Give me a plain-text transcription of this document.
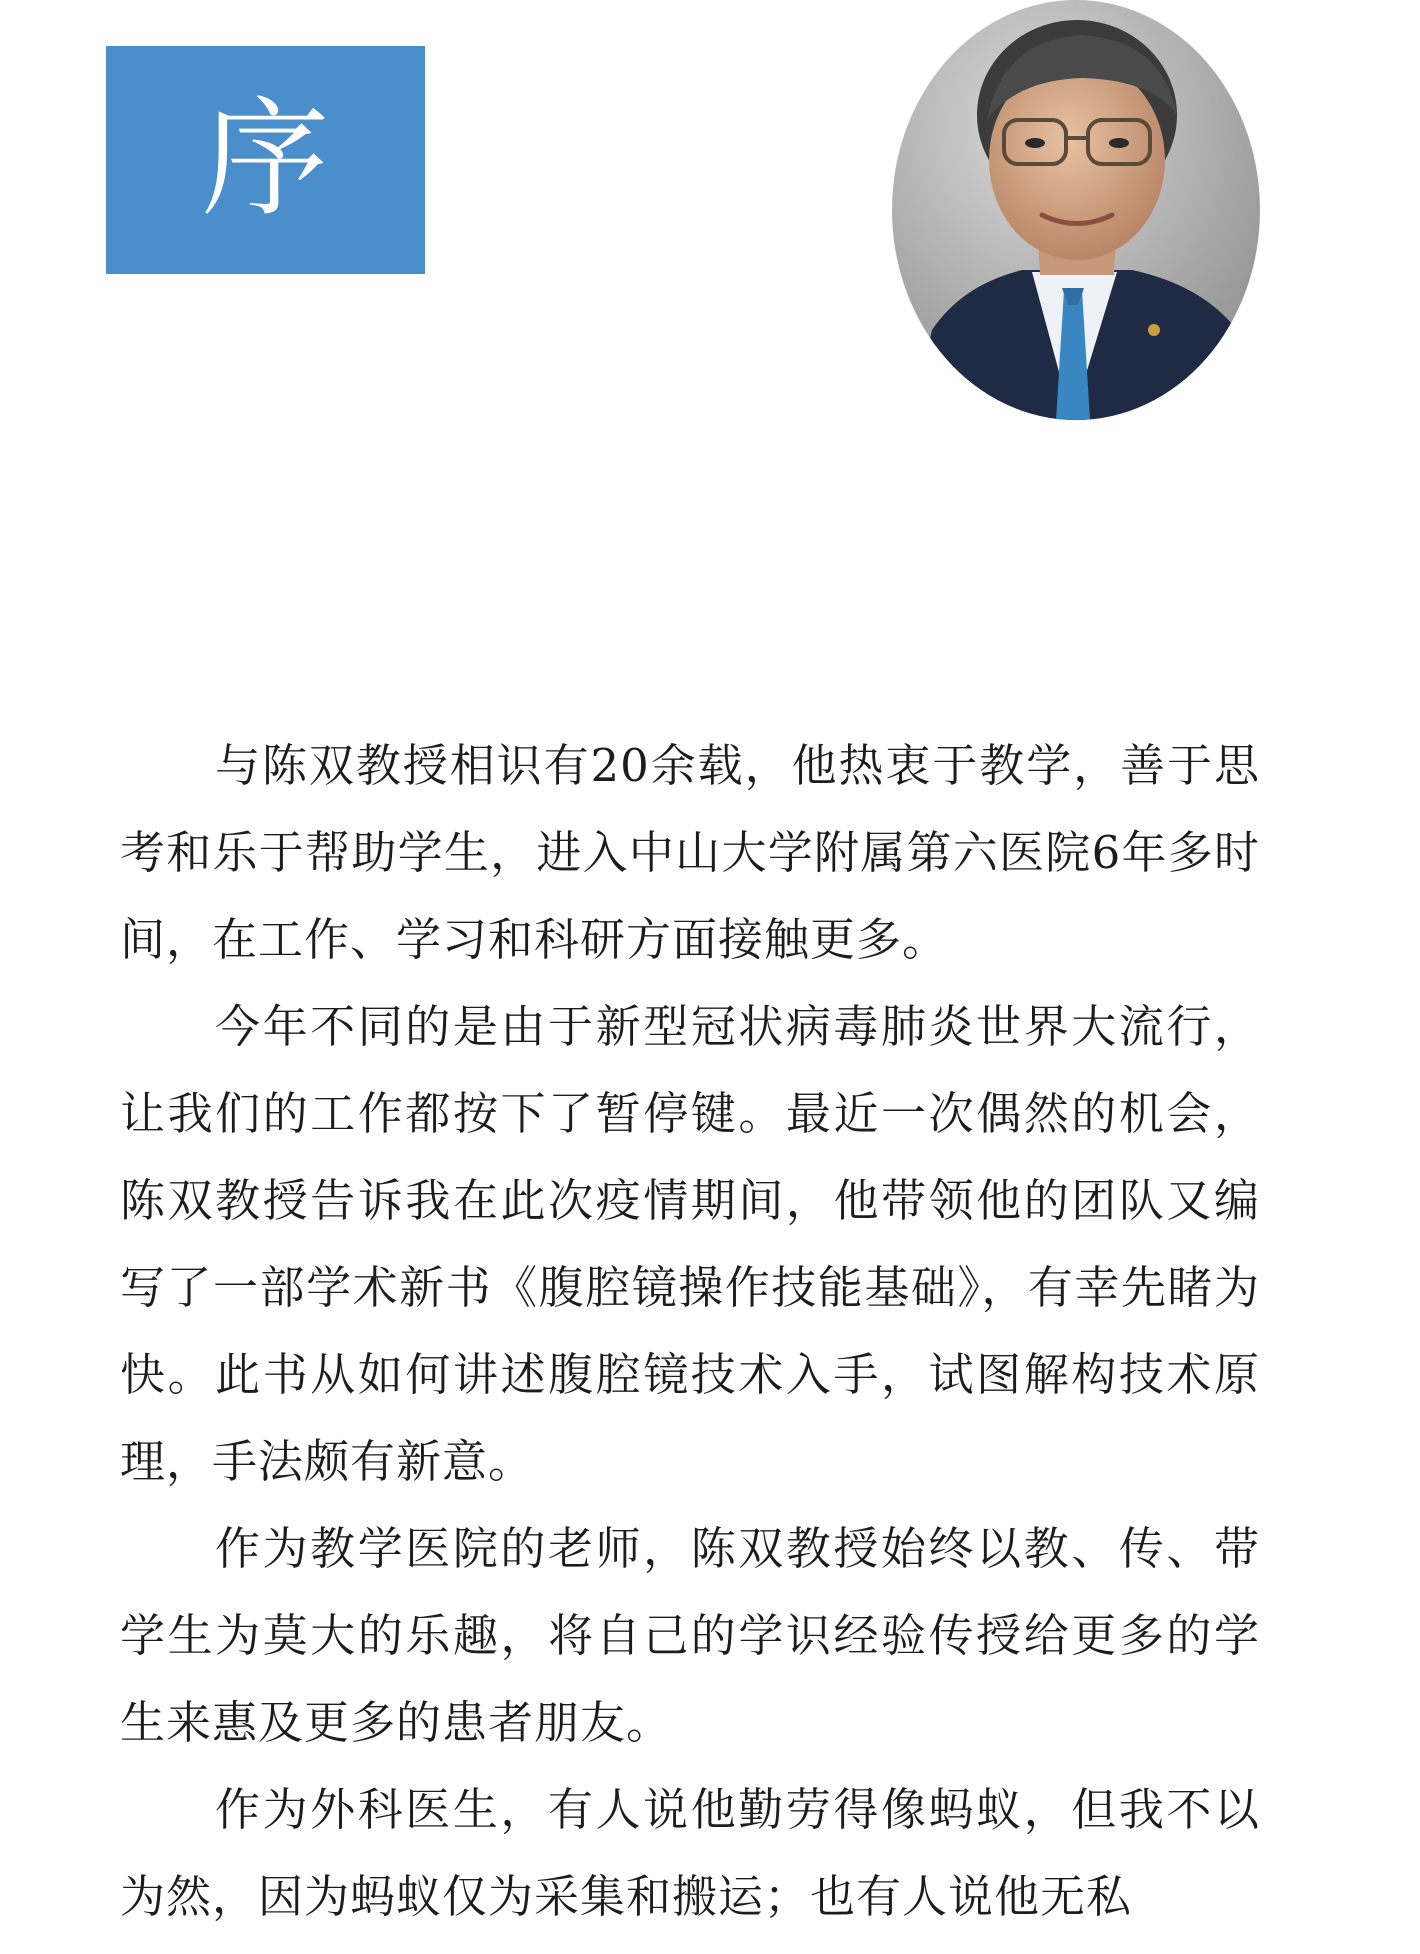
序

与陈双教授相识有20余载，他热衷于教学，善于思考和乐于帮助学生，进入中山大学附属第六医院6年多时间，在工作、学习和科研方面接触更多。

今年不同的是由于新型冠状病毒肺炎世界大流行，让我们的工作都按下了暂停键。最近一次偶然的机会，陈双教授告诉我在此次疫情期间，他带领他的团队又编写了一部学术新书《腹腔镜操作技能基础》，有幸先睹为快。此书从如何讲述腹腔镜技术入手，试图解构技术原理，手法颇有新意。

作为教学医院的老师，陈双教授始终以教、传、带学生为莫大的乐趣，将自己的学识经验传授给更多的学生来惠及更多的患者朋友。

作为外科医生，有人说他勤劳得像蚂蚁，但我不以为然，因为蚂蚁仅为采集和搬运；也有人说他无私
